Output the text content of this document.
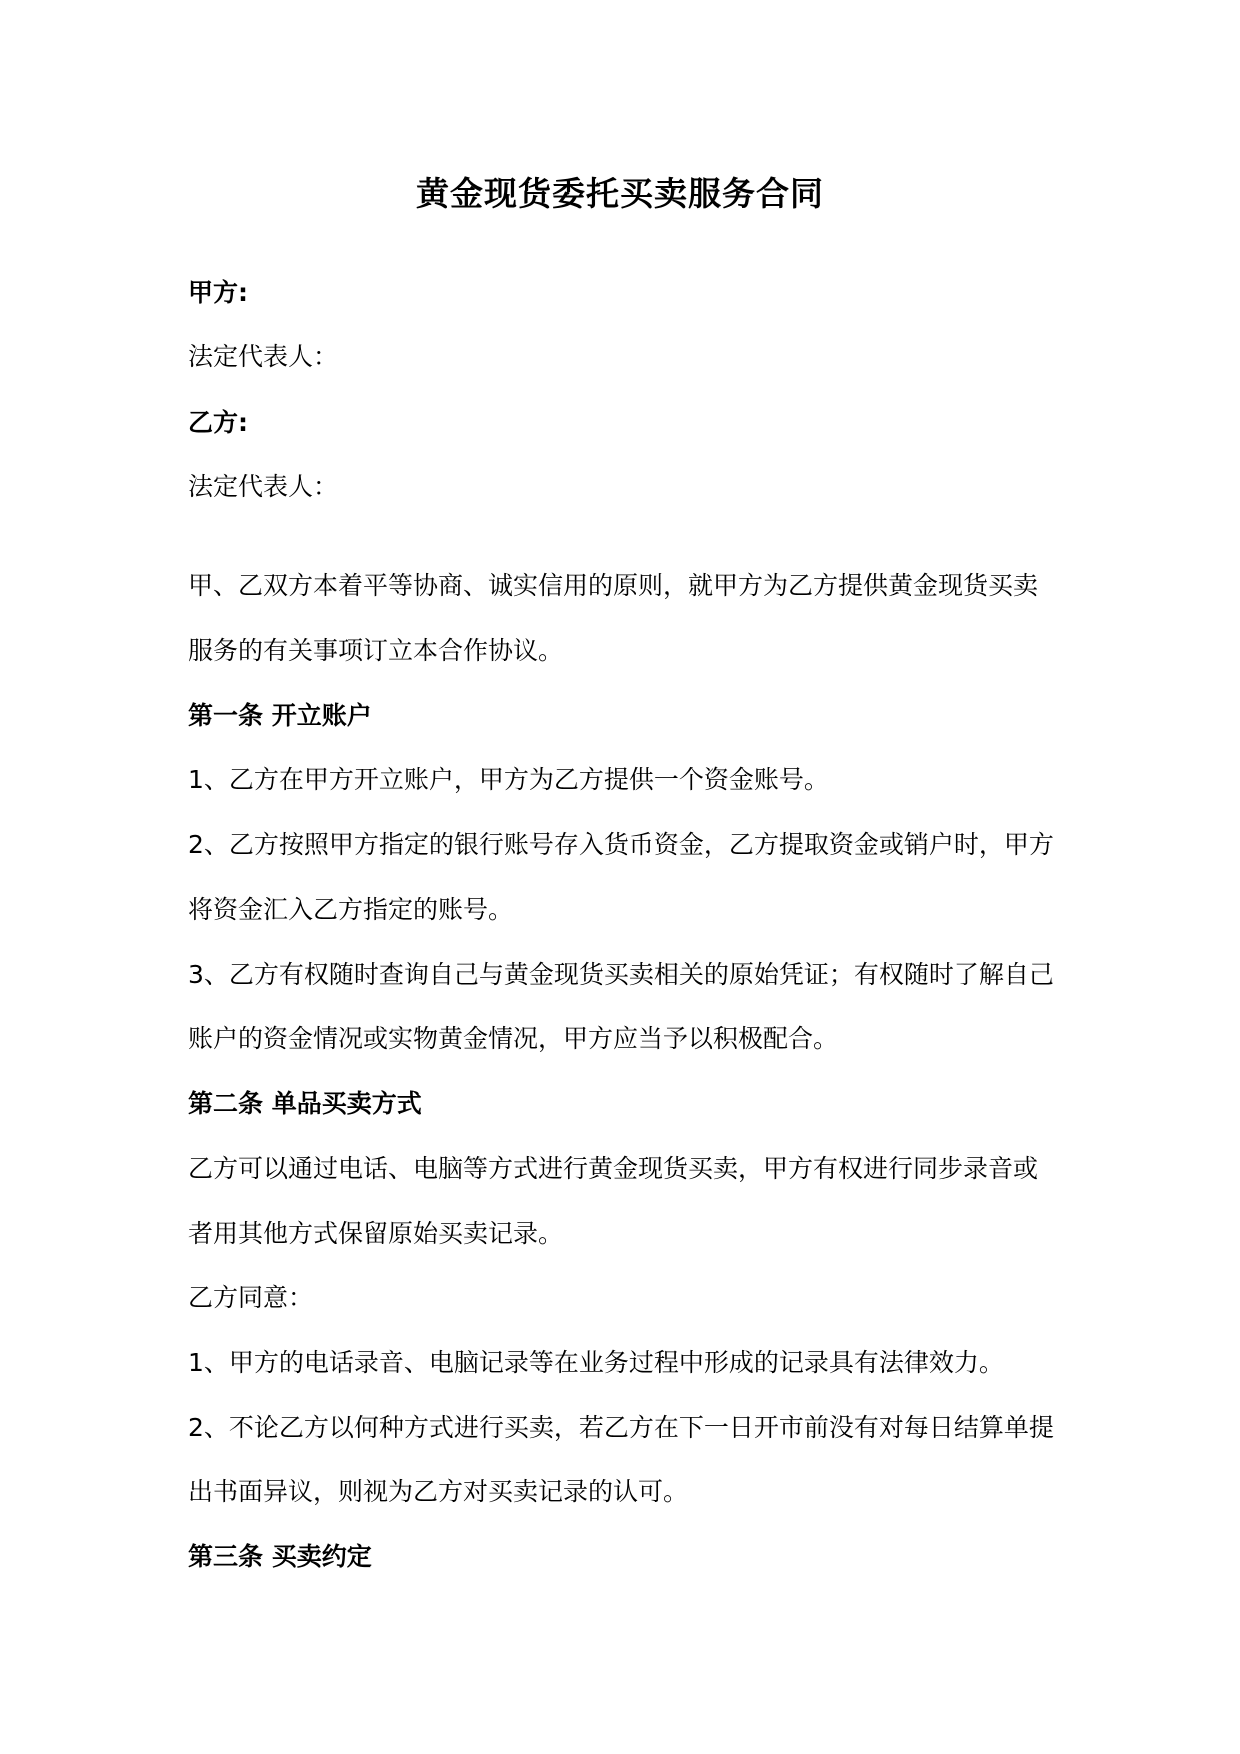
黄金现货委托买卖服务合同
甲方:
法定代表人：
乙方:
法定代表人：
甲、乙双方本着平等协商、诚实信用的原则，就甲方为乙方提供黄金现货买卖
服务的有关事项订立本合作协议。
第一条 开立账户
1、乙方在甲方开立账户，甲方为乙方提供一个资金账号。
2、乙方按照甲方指定的银行账号存入货币资金，乙方提取资金或销户时，甲方
将资金汇入乙方指定的账号。
3、乙方有权随时查询自己与黄金现货买卖相关的原始凭证；有权随时了解自己
账户的资金情况或实物黄金情况，甲方应当予以积极配合。
第二条 单品买卖方式
乙方可以通过电话、电脑等方式进行黄金现货买卖，甲方有权进行同步录音或
者用其他方式保留原始买卖记录。
乙方同意：
1、甲方的电话录音、电脑记录等在业务过程中形成的记录具有法律效力。
2、不论乙方以何种方式进行买卖，若乙方在下一日开市前没有对每日结算单提
出书面异议，则视为乙方对买卖记录的认可。
第三条 买卖约定
